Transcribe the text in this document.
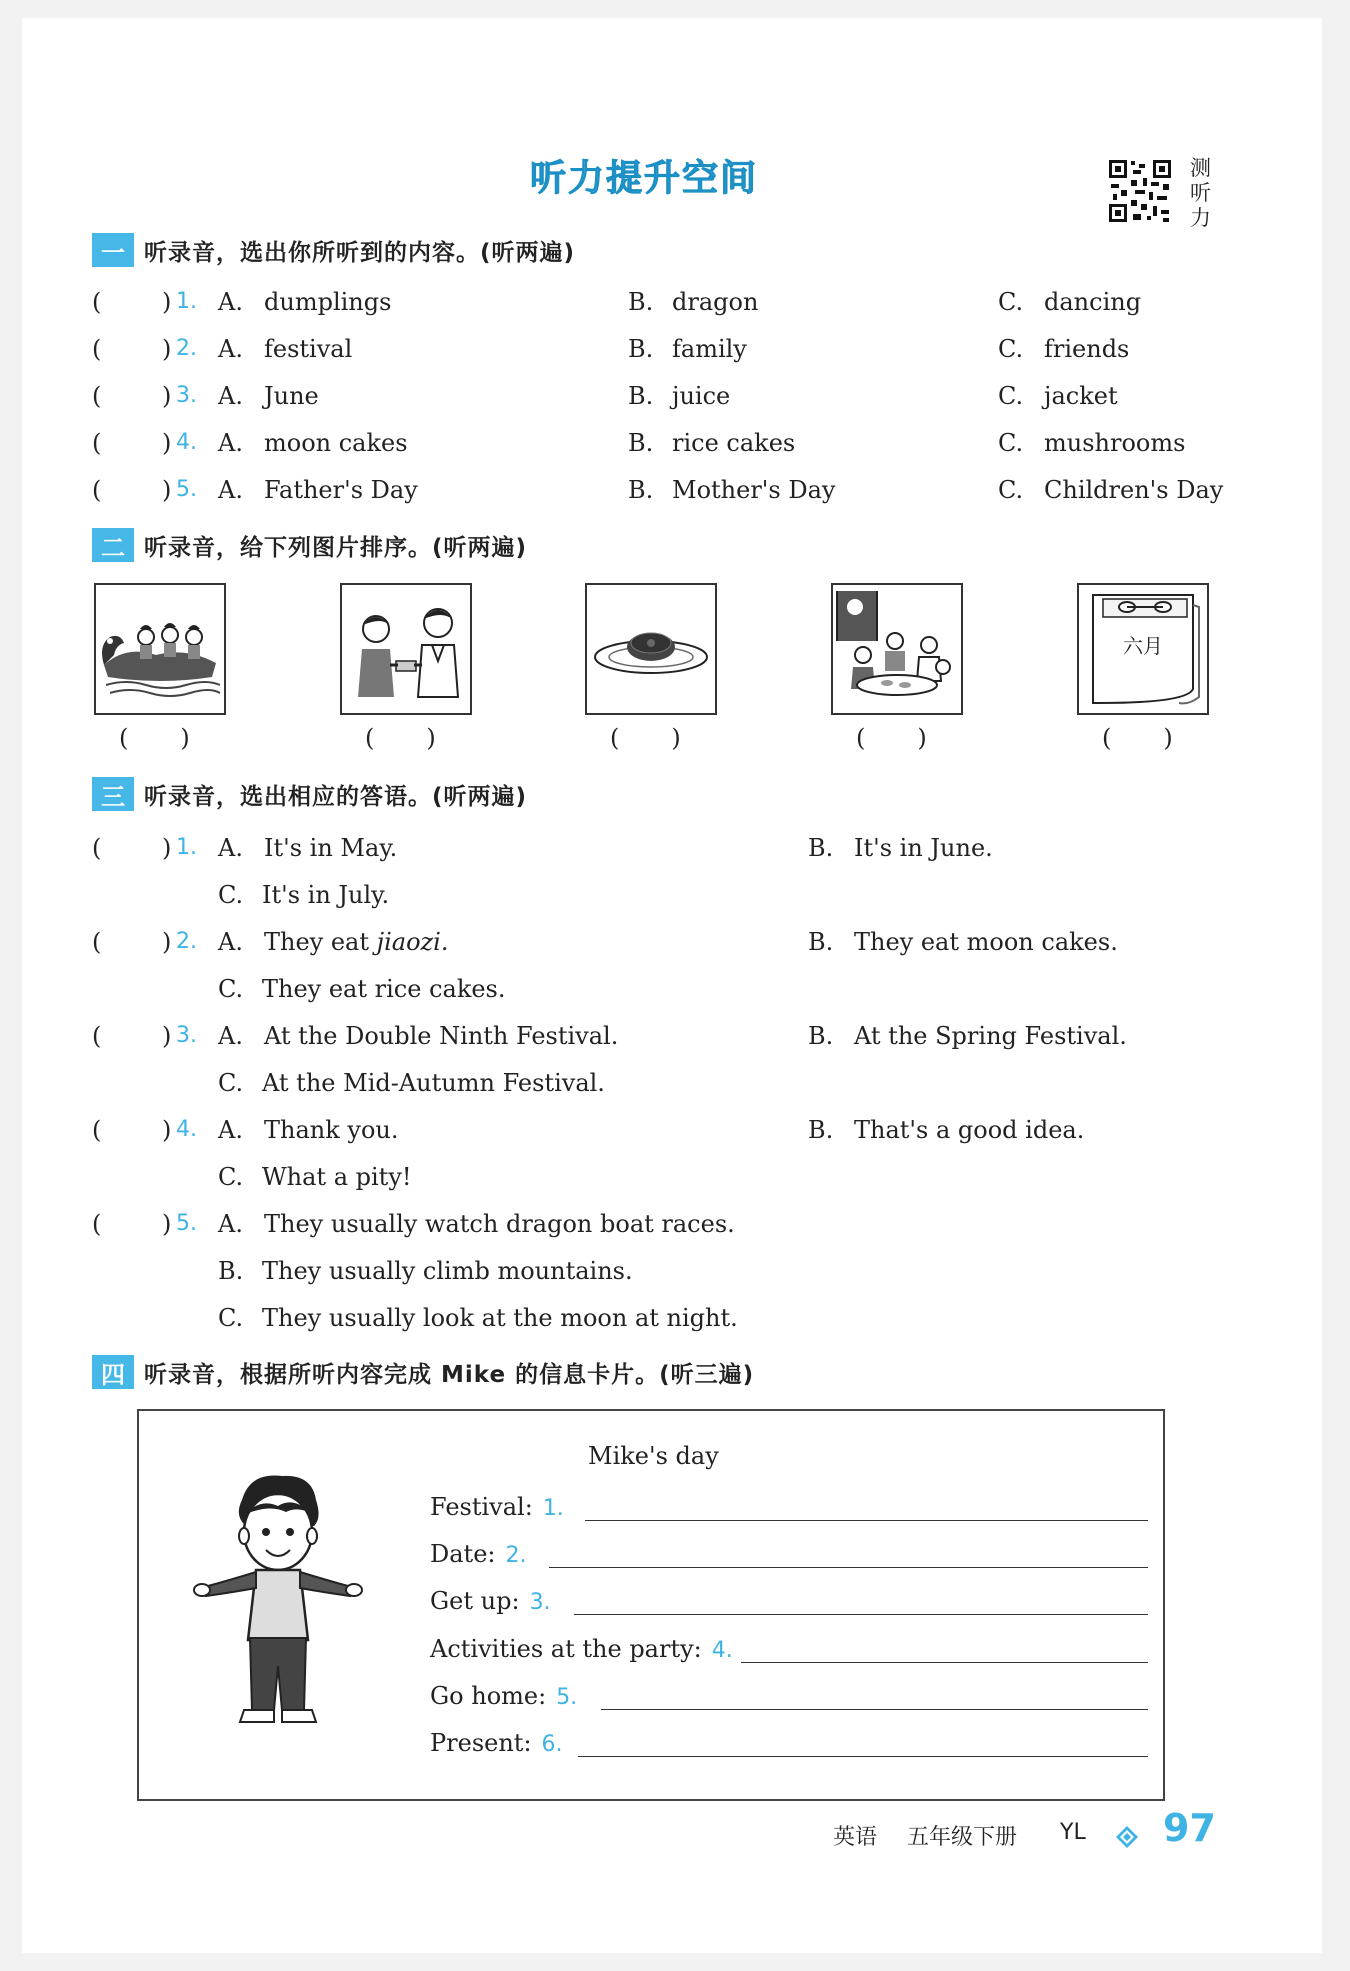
听力提升空间	测
听
力
一 听录音，选出你所听到的内容。(听两遍)
(	) 1. A. dumplings	B. dragon	C. dancing
(	) 2. A. festival	B. family	C. friends
(	) 3. A. June	B. juice	C. jacket
(	) 4. A. moon cakes	B. rice cakes	C. mushrooms
(	) 5. A. Father's Day	B. Mother's Day	C. Children's Day
二 听录音，给下列图片排序。(听两遍)
六月
( )	( )	( )	( )	( )
三 听录音，选出相应的答语。(听两遍)
(	) 1. A. It's in May.	B. It's in June.
C. It's in July.
(	) 2. A. They eat jiaozi.	B. They eat moon cakes.
C. They eat rice cakes.
(	) 3. A. At the Double Ninth Festival.	B. At the Spring Festival.
C. At the Mid-Autumn Festival.
(	) 4. A. Thank you.	B. That's a good idea.
C. What a pity!
(	) 5. A. They usually watch dragon boat races.
B. They usually climb mountains.
C. They usually look at the moon at night.
四 听录音，根据所听内容完成 Mike 的信息卡片。(听三遍)
Mike's day
Festival: 1.
Date: 2.
Get up: 3.
Activities at the party: 4.
Go home: 5.
Present: 6.
英语 五年级下册 YL 97
